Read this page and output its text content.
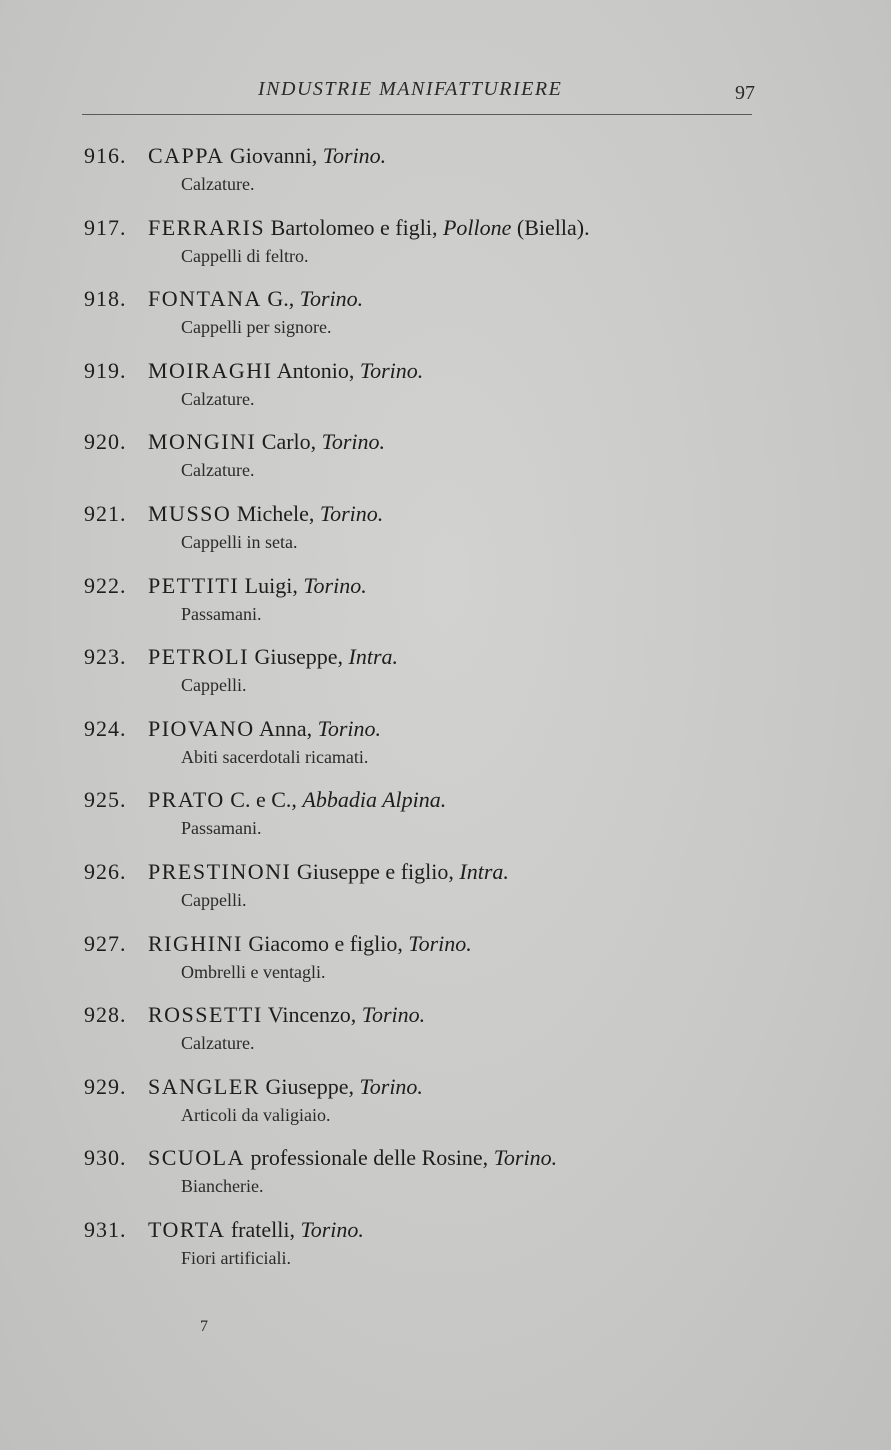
INDUSTRIE MANIFATTURIERE	97
916. CAPPA Giovanni, Torino.
Calzature.
917. FERRARIS Bartolomeo e figli, Pollone (Biella).
Cappelli di feltro.
918. FONTANA G., Torino.
Cappelli per signore.
919. MOIRAGHI Antonio, Torino.
Calzature.
920. MONGINI Carlo, Torino.
Calzature.
921. MUSSO Michele, Torino.
Cappelli in seta.
922. PETTITI Luigi, Torino.
Passamani.
923. PETROLI Giuseppe, Intra.
Cappelli.
924. PIOVANO Anna, Torino.
Abiti sacerdotali ricamati.
925. PRATO C. e C., Abbadia Alpina.
Passamani.
926. PRESTINONI Giuseppe e figlio, Intra.
Cappelli.
927. RIGHINI Giacomo e figlio, Torino.
Ombrelli e ventagli.
928. ROSSETTI Vincenzo, Torino.
Calzature.
929. SANGLER Giuseppe, Torino.
Articoli da valigiaio.
930. SCUOLA professionale delle Rosine, Torino.
Biancherie.
931. TORTA fratelli, Torino.
Fiori artificiali.
7
